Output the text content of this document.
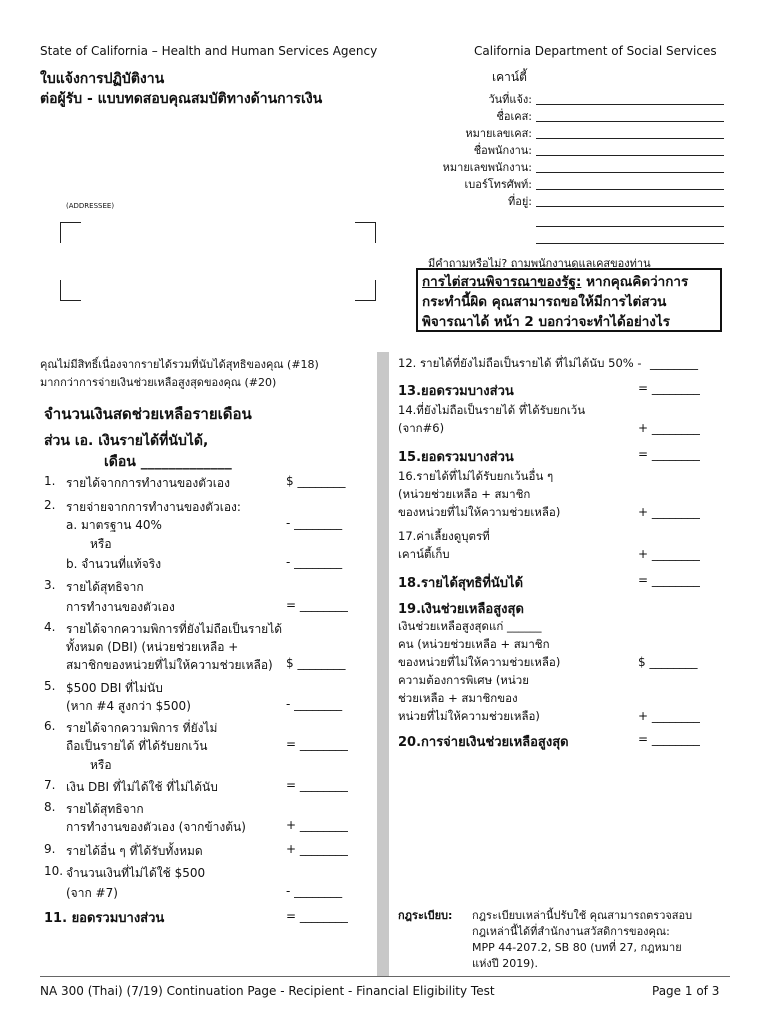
State of California – Health and Human Services Agency	California Department of Social Services
ใบแจ้งการปฏิบัติงาน
ต่อผู้รับ - แบบทดสอบคุณสมบัติทางด้านการเงิน
เคาน์ตี้
วันที่แจ้ง:
ชื่อเคส:
หมายเลขเคส:
ชื่อพนักงาน:
หมายเลขพนักงาน:
เบอร์โทรศัพท์:
ที่อยู่:
(ADDRESSEE)
มีคำถามหรือไม่? ถามพนักงานดูแลเคสของท่าน
การไต่สวนพิจารณาของรัฐ: หากคุณคิดว่าการกระทำนี้ผิด คุณสามารถขอให้มีการไต่สวนพิจารณาได้ หน้า 2 บอกว่าจะทำได้อย่างไร
คุณไม่มีสิทธิ์เนื่องจากรายได้รวมที่นับได้สุทธิของคุณ (#18)
มากกว่าการจ่ายเงินช่วยเหลือสูงสุดของคุณ (#20)
จำนวนเงินสดช่วยเหลือรายเดือน
ส่วน เอ. เงินรายได้ที่นับได้,
เดือน _____________
1. รายได้จากการทำงานของตัวเอง	$ ________
2. รายจ่ายจากการทำงานของตัวเอง:
a. มาตรฐาน 40%	- ________
หรือ
b. จำนวนที่แท้จริง	- ________
3. รายได้สุทธิจาก
การทำงานของตัวเอง	= ________
4. รายได้จากความพิการที่ยังไม่ถือเป็นรายได้
ทั้งหมด (DBI) (หน่วยช่วยเหลือ +
สมาชิกของหน่วยที่ไม่ให้ความช่วยเหลือ) $ ________
5. $500 DBI ที่ไม่นับ
(หาก #4 สูงกว่า $500)	- ________
6. รายได้จากความพิการ ที่ยังไม่
ถือเป็นรายได้ ที่ได้รับยกเว้น	= ________
หรือ
7. เงิน DBI ที่ไม่ได้ใช้ ที่ไม่ได้นับ	= ________
8. รายได้สุทธิจาก
การทำงานของตัวเอง (จากข้างต้น)	+ ________
9. รายได้อื่น ๆ ที่ได้รับทั้งหมด	+ ________
10. จำนวนเงินที่ไม่ได้ใช้ $500
(จาก #7)	- ________
11. ยอดรวมบางส่วน	= ________
12. รายได้ที่ยังไม่ถือเป็นรายได้ ที่ไม่ได้นับ 50% - ________
13.ยอดรวมบางส่วน	= ________
14.ที่ยังไม่ถือเป็นรายได้ ที่ได้รับยกเว้น
(จาก#6)	+ ________
15.ยอดรวมบางส่วน	= ________
16.รายได้ที่ไม่ได้รับยกเว้นอื่น ๆ
(หน่วยช่วยเหลือ + สมาชิก
ของหน่วยที่ไม่ให้ความช่วยเหลือ)	+ ________
17.ค่าเลี้ยงดูบุตรที่
เคาน์ตี้เก็บ	+ ________
18.รายได้สุทธิที่นับได้	= ________
19.เงินช่วยเหลือสูงสุด
เงินช่วยเหลือสูงสุดแก่ ______
คน (หน่วยช่วยเหลือ + สมาชิก
ของหน่วยที่ไม่ให้ความช่วยเหลือ)	$ ________
ความต้องการพิเศษ (หน่วย
ช่วยเหลือ + สมาชิกของ
หน่วยที่ไม่ให้ความช่วยเหลือ)	+ ________
20.การจ่ายเงินช่วยเหลือสูงสุด	= ________
กฎระเบียบ: กฎระเบียบเหล่านี้ปรับใช้ คุณสามารถตรวจสอบ
กฎเหล่านี้ได้ที่สำนักงานสวัสดิการของคุณ:
MPP 44-207.2, SB 80 (บทที่ 27, กฎหมาย
แห่งปี 2019).
NA 300 (Thai) (7/19) Continuation Page - Recipient - Financial Eligibility Test	Page 1 of 3
